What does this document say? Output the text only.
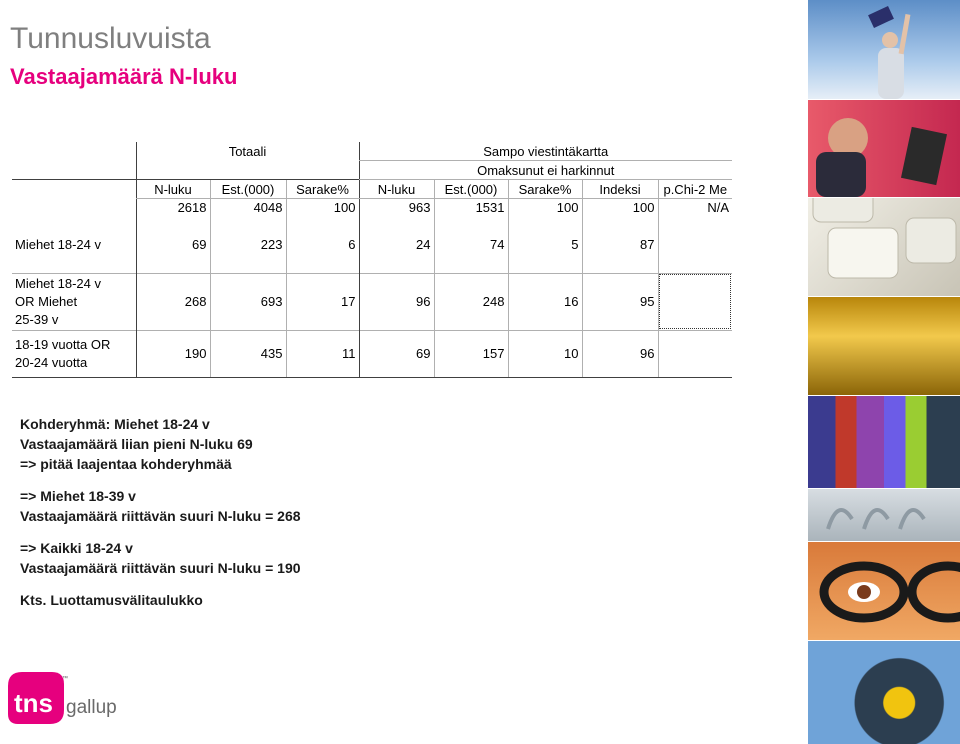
Tunnusluvuista
Vastaajamäärä N-luku
	Totaali			Sampo viestintäkartta				
				Omaksunut ei harkinnut				
	N-luku	Est.(000)	Sarake%	N-luku	Est.(000)	Sarake%	Indeksi	p.Chi-2 Me
	2618	4048	100	963	1531	100	100	N/A
Miehet 18-24 v	69	223	6	24	74	5	87	
Miehet 18-24 v
OR Miehet
25-39 v	268	693	17	96	248	16	95	
18-19 vuotta OR
20-24 vuotta	190	435	11	69	157	10	96	
Kohderyhmä: Miehet 18-24 v
Vastaajamäärä liian pieni N-luku 69
=> pitää laajentaa kohderyhmää
=> Miehet 18-39 v
Vastaajamäärä riittävän suuri N-luku = 268
=> Kaikki 18-24 v
Vastaajamäärä riittävän suuri N-luku = 190
Kts. Luottamusvälitaulukko
tns
™
gallup
